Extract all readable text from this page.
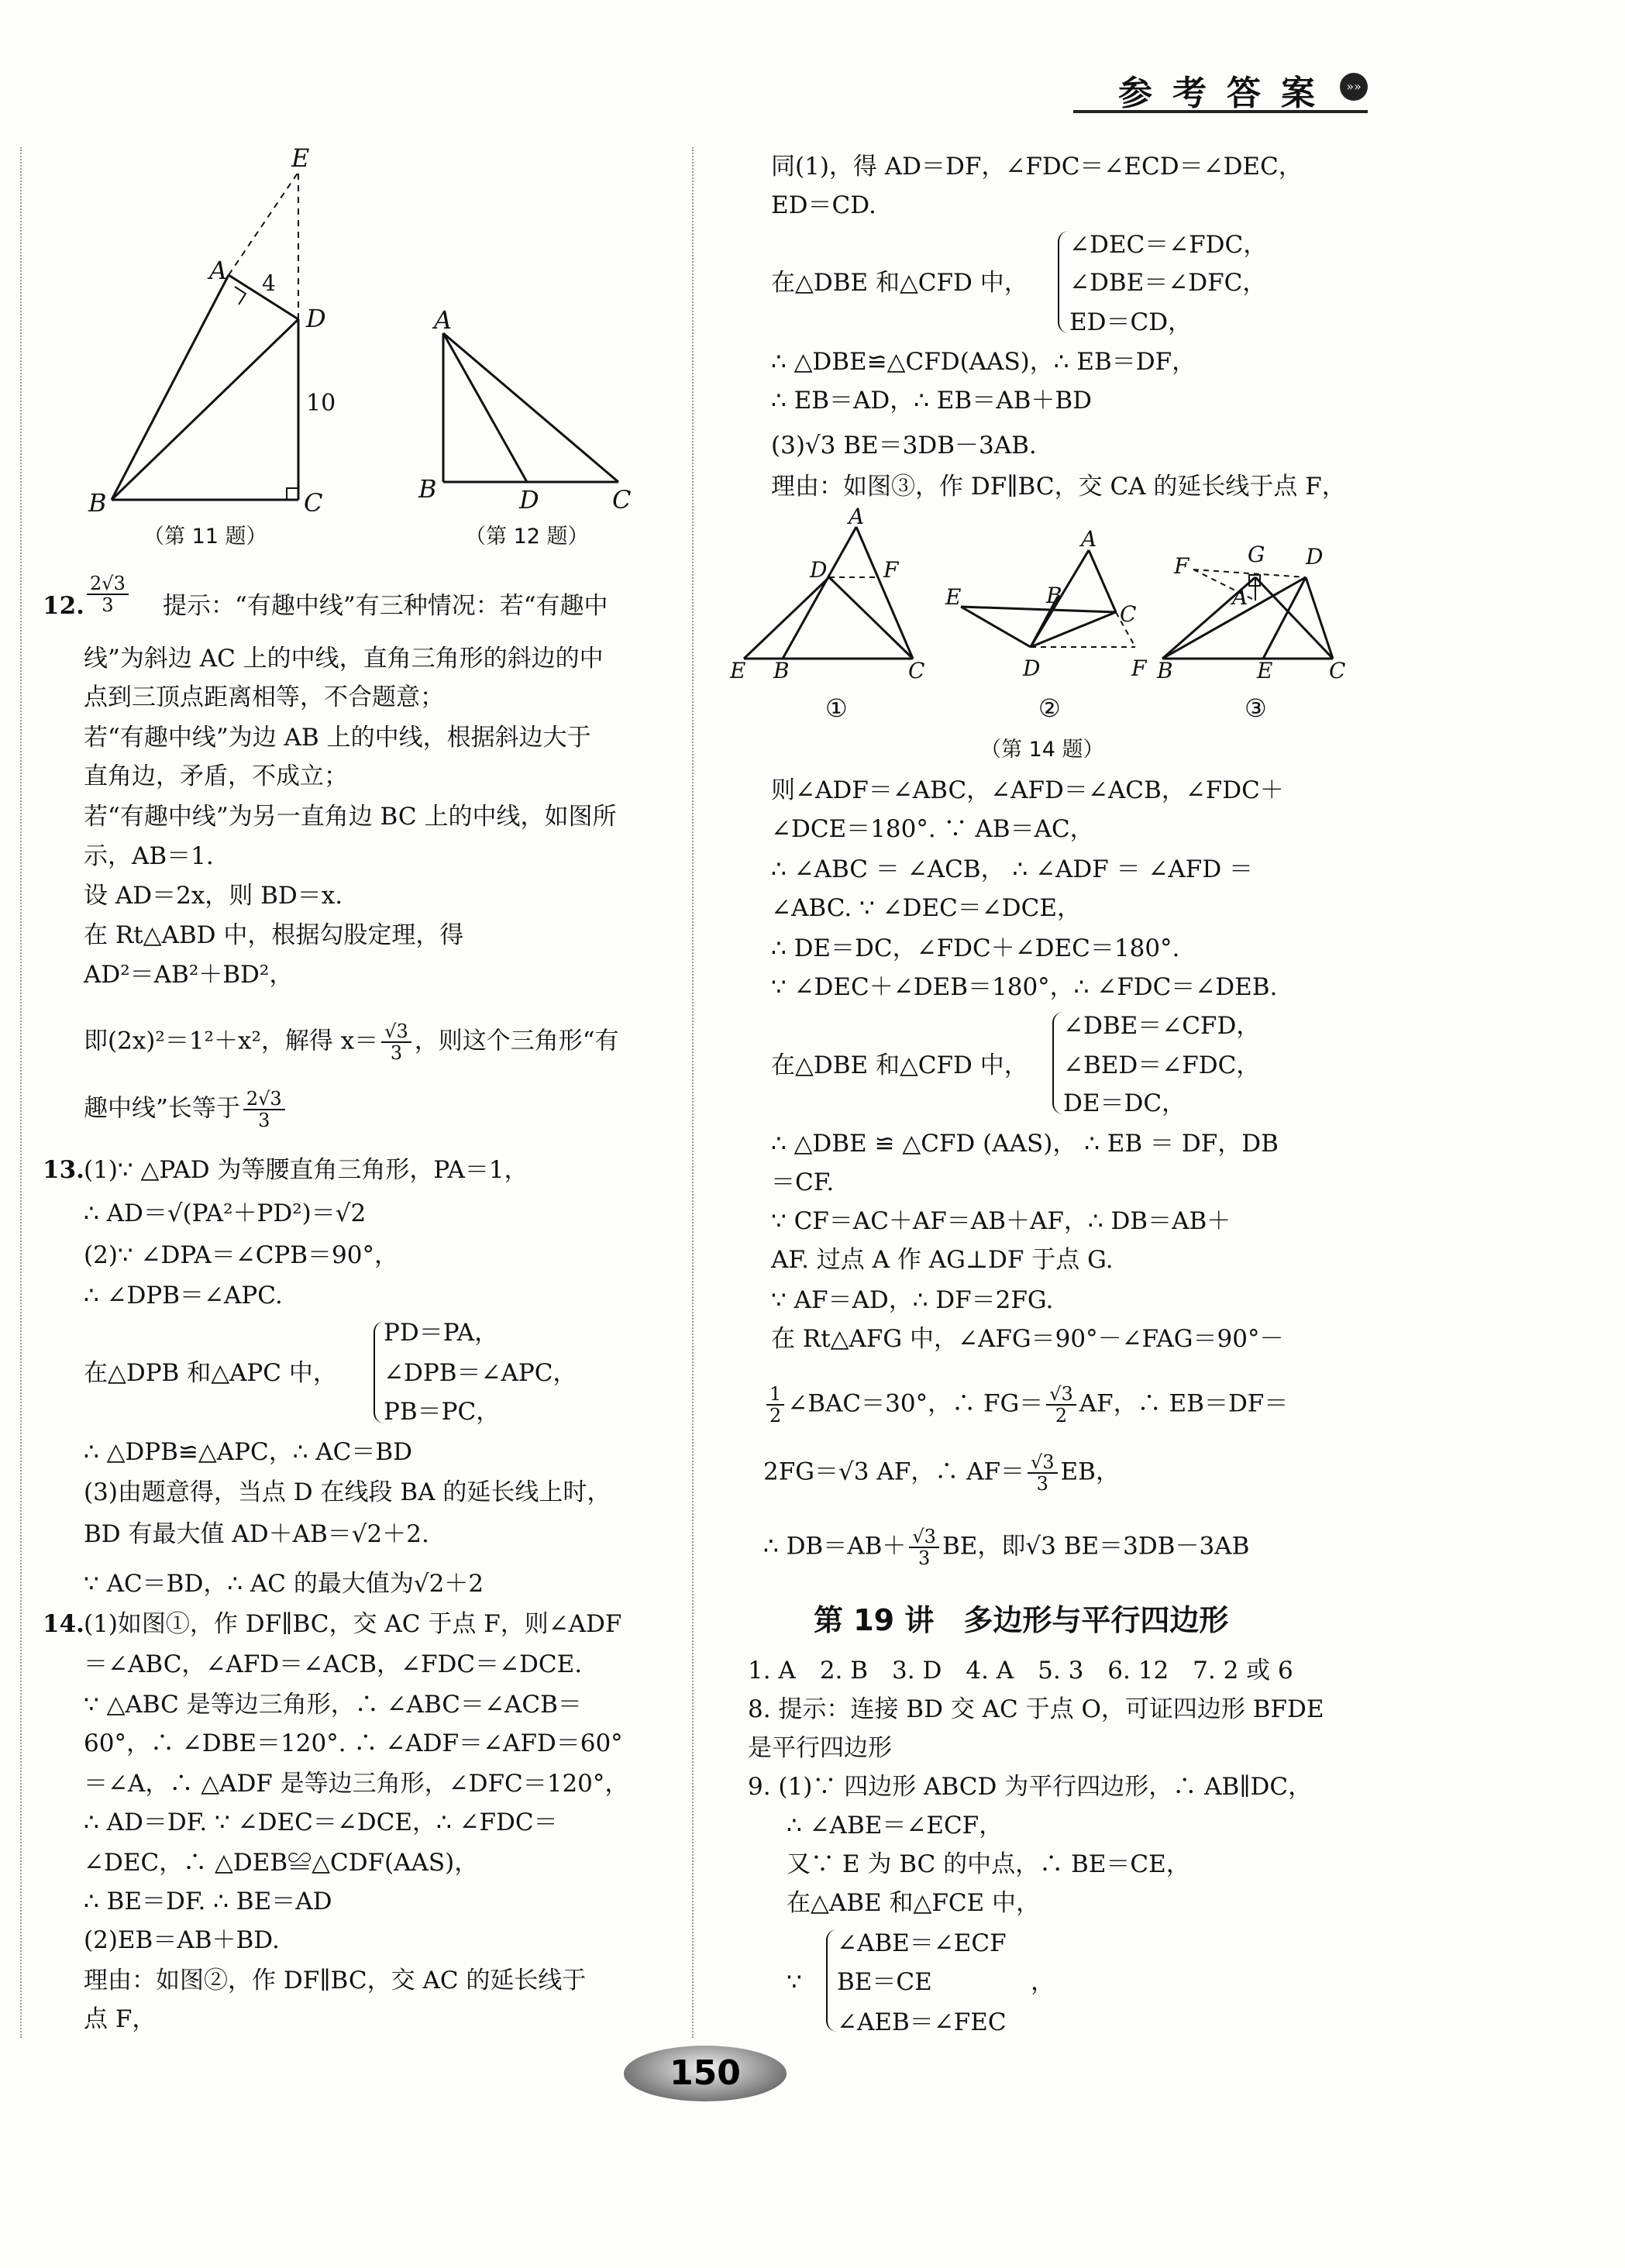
参考答案 »»
E
A 4
D
10
B	C
（第 11 题）
A
B	D	C
（第 12 题）
12. $\frac{2√3}{3}$ 提示：“有趣中线”有三种情况：若“有趣中
线”为斜边 AC 上的中线，直角三角形的斜边的中
点到三顶点距离相等，不合题意；
若“有趣中线”为边 AB 上的中线，根据斜边大于
直角边，矛盾，不成立；
若“有趣中线”为另一直角边 BC 上的中线，如图所
示，AB＝1.
设 AD＝2x，则 BD＝x.
在 Rt△ABD 中，根据勾股定理，得
AD²＝AB²＋BD²，
即(2x)²＝1²＋x²，解得 $x= \frac{√3}{3}$ ，则这个三角形“有
趣中线”长等于 $\frac{2√3}{3}$
13. (1)∵ △PAD 为等腰直角三角形，PA＝1，
∴ AD＝√(PA²＋PD²)＝√2
(2)∵ ∠DPA＝∠CPB＝90°，
∴ ∠DPB＝∠APC.
在△DPB 和△APC 中，
PD＝PA，
∠DPB＝∠APC，
PB＝PC，
∴ △DPB≌△APC，∴ AC＝BD
(3)由题意得，当点 D 在线段 BA 的延长线上时，
BD 有最大值 AD＋AB＝√2＋2.
∵ AC＝BD，∴ AC 的最大值为√2＋2
14. (1)如图①，作 DF∥BC，交 AC 于点 F，则∠ADF
＝∠ABC，∠AFD＝∠ACB，∠FDC＝∠DCE.
∵ △ABC 是等边三角形，∴ ∠ABC＝∠ACB＝
60°，∴ ∠DBE＝120°. ∴ ∠ADF＝∠AFD＝60°
＝∠A，∴ △ADF 是等边三角形，∠DFC＝120°，
∴ AD＝DF. ∵ ∠DEC＝∠DCE，∴ ∠FDC＝
∠DEC，∴ △DEB≌△CDF(AAS)，
∴ BE＝DF. ∴ BE＝AD
(2)EB＝AB＋BD.
理由：如图②，作 DF∥BC，交 AC 的延长线于
点 F，
同(1)，得 AD＝DF，∠FDC＝∠ECD＝∠DEC，
ED＝CD.
在△DBE 和△CFD 中，
∠DEC＝∠FDC，
∠DBE＝∠DFC，
ED＝CD，
∴ △DBE≌△CFD(AAS)，∴ EB＝DF，
∴ EB＝AD，∴ EB＝AB＋BD
(3)√3 BE＝3DB－3AB.
理由：如图③，作 DF∥BC，交 CA 的延长线于点 F，
A
D	F
E B	C
A
E	B
C
D	F
G D
F
A
B	E	C
①	②	③
（第 14 题）
则∠ADF＝∠ABC，∠AFD＝∠ACB，∠FDC＋
∠DCE＝180°. ∵ AB＝AC，
∴ ∠ABC ＝ ∠ACB， ∴ ∠ADF ＝ ∠AFD ＝
∠ABC. ∵ ∠DEC＝∠DCE，
∴ DE＝DC，∠FDC＋∠DEC＝180°.
∵ ∠DEC＋∠DEB＝180°，∴ ∠FDC＝∠DEB.
在△DBE 和△CFD 中，
∠DBE＝∠CFD，
∠BED＝∠FDC，
DE＝DC，
∴ △DBE ≌ △CFD (AAS)， ∴ EB ＝ DF，DB
＝CF.
∵ CF＝AC＋AF＝AB＋AF，∴ DB＝AB＋
AF. 过点 A 作 AG⊥DF 于点 G.
∵ AF＝AD，∴ DF＝2FG.
在 Rt△AFG 中，∠AFG＝90°－∠FAG＝90°－
$\frac{1}{2}$ ∠BAC＝30°，∴ $FG= \frac{√3}{2}$ AF，∴ EB＝DF＝
2FG＝√3 AF，∴ $AF= \frac{√3}{3}$ EB，
∴ $DB=AB+ \frac{√3}{3}$ BE，即√3 BE＝3DB－3AB
第 19 讲　多边形与平行四边形
1. A　2. B　3. D　4. A　5. 3　6. 12　7. 2 或 6
8. 提示：连接 BD 交 AC 于点 O，可证四边形 BFDE
是平行四边形
9. (1)∵ 四边形 ABCD 为平行四边形，∴ AB∥DC，
∴ ∠ABE＝∠ECF，
又∵ E 为 BC 的中点，∴ BE＝CE，
在△ABE 和△FCE 中，
∵
∠ABE＝∠ECF
BE＝CE	，
∠AEB＝∠FEC
150
